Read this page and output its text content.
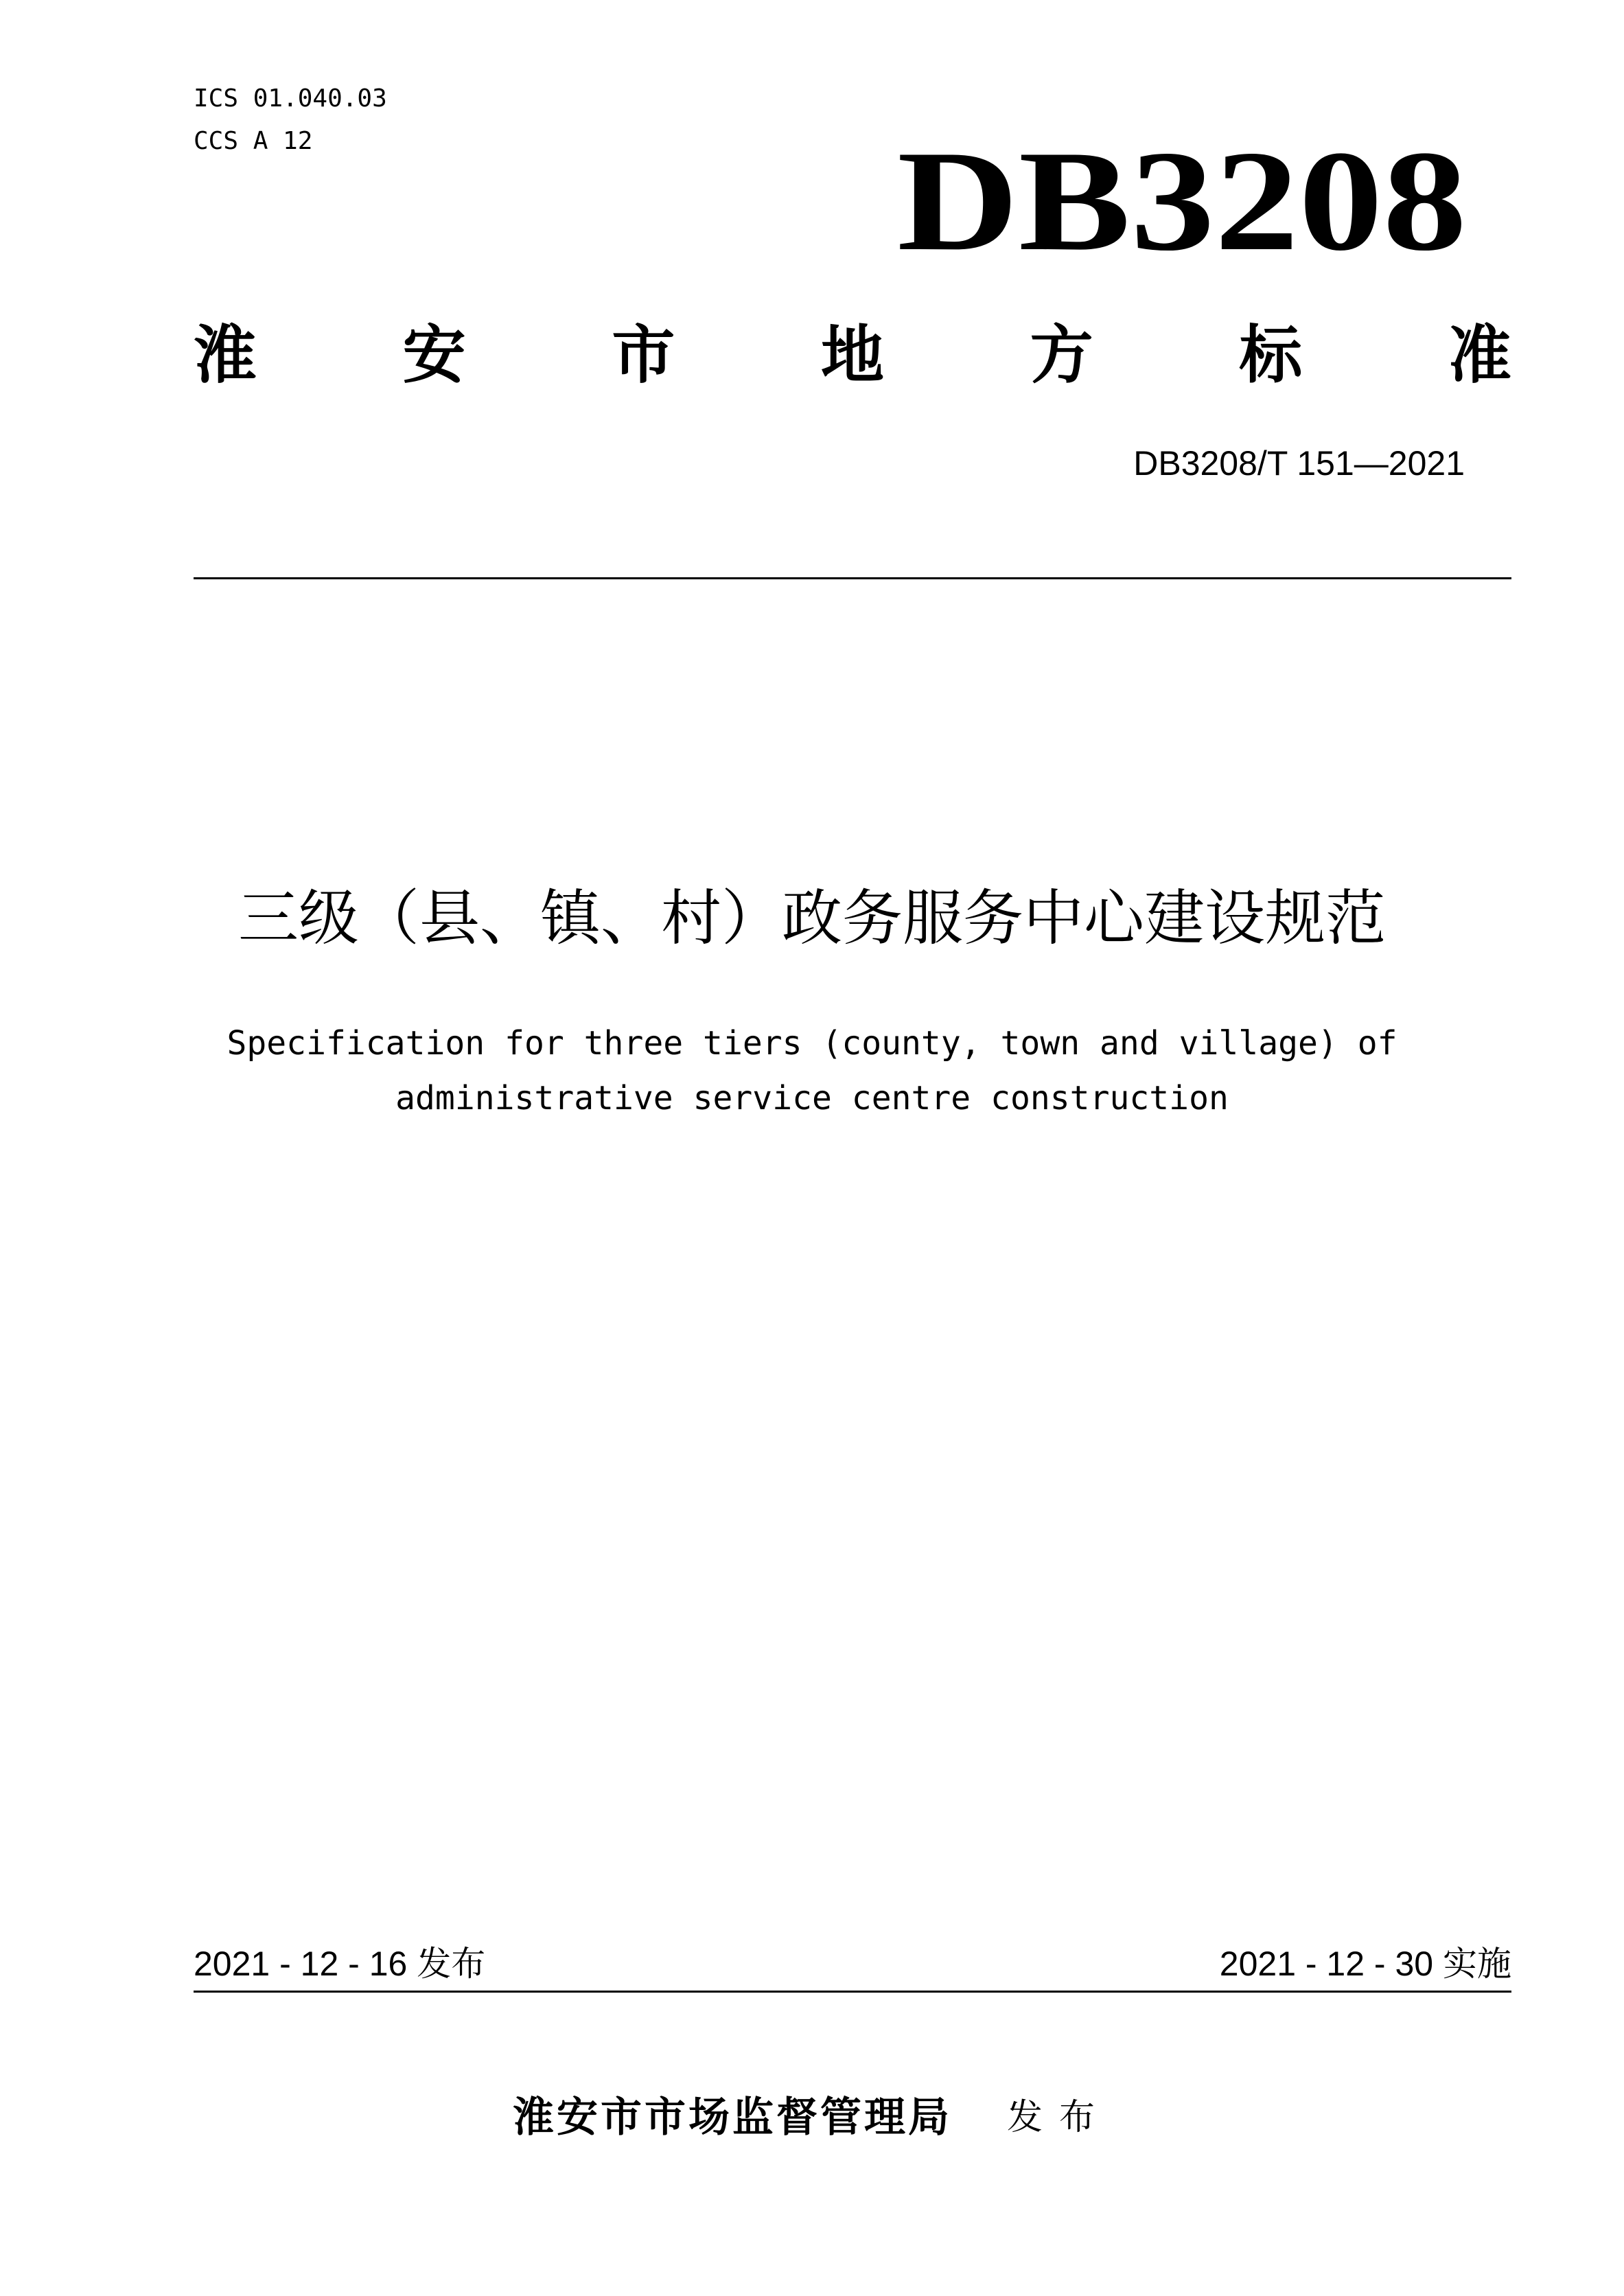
ICS 01.040.03
CCS A 12	DB3208
淮 安 市 地 方 标 准
DB3208/T 151—2021
三级（县、镇、村）政务服务中心建设规范
Specification for three tiers (county, town and village) of
administrative service centre construction
2021 - 12 - 16 发布	2021 - 12 - 30 实施
淮安市市场监督管理局 发布
